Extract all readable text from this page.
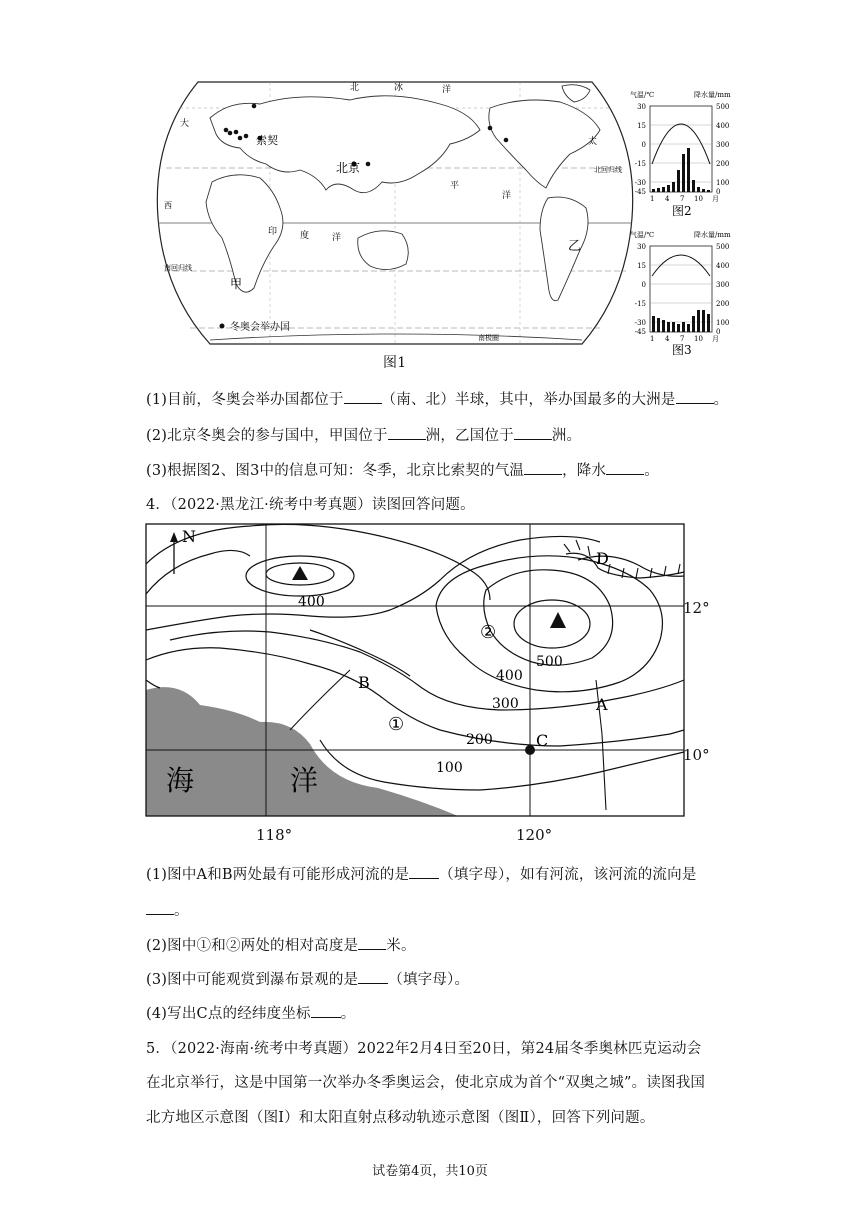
索契
北京
甲
乙
北	冰	洋
大
太
平
洋
印	度	洋
西
北回归线
南回归线
南极圈
冬奥会举办国
图1
气温/℃	降水量/mm
30
15
0
-15
-30
-45
500
400
300
200
100
0
1 4 7 10 月
图2
气温/℃	降水量/mm
30
15
0
-15
-30
-45
500
400
300
200
100
0
1 4 7 10 月
图3
(1)目前，冬奥会举办国都位于	（南、北）半球，其中，举办国最多的大洲是	。
(2)北京冬奥会的参与国中，甲国位于	洲，乙国位于	洲。
(3)根据图2、图3中的信息可知：冬季，北京比索契的气温	，降水	。
4．（2022·黑龙江·统考中考真题）读图回答问题。
N
海	洋
400
500
400
300
200
100
A
B
C
D
①
②
12°
10°
118°	120°
(1)图中A和B两处最有可能形成河流的是 （填字母），如有河流，该河流的流向是
。
(2)图中①和②两处的相对高度是 米。
(3)图中可能观赏到瀑布景观的是 （填字母）。
(4)写出C点的经纬度坐标 。
5．（2022·海南·统考中考真题）2022年2月4日至20日，第24届冬季奥林匹克运动会
在北京举行，这是中国第一次举办冬季奥运会，使北京成为首个“双奥之城”。读图我国
北方地区示意图（图Ⅰ）和太阳直射点移动轨迹示意图（图Ⅱ），回答下列问题。
试卷第4页，共10页
